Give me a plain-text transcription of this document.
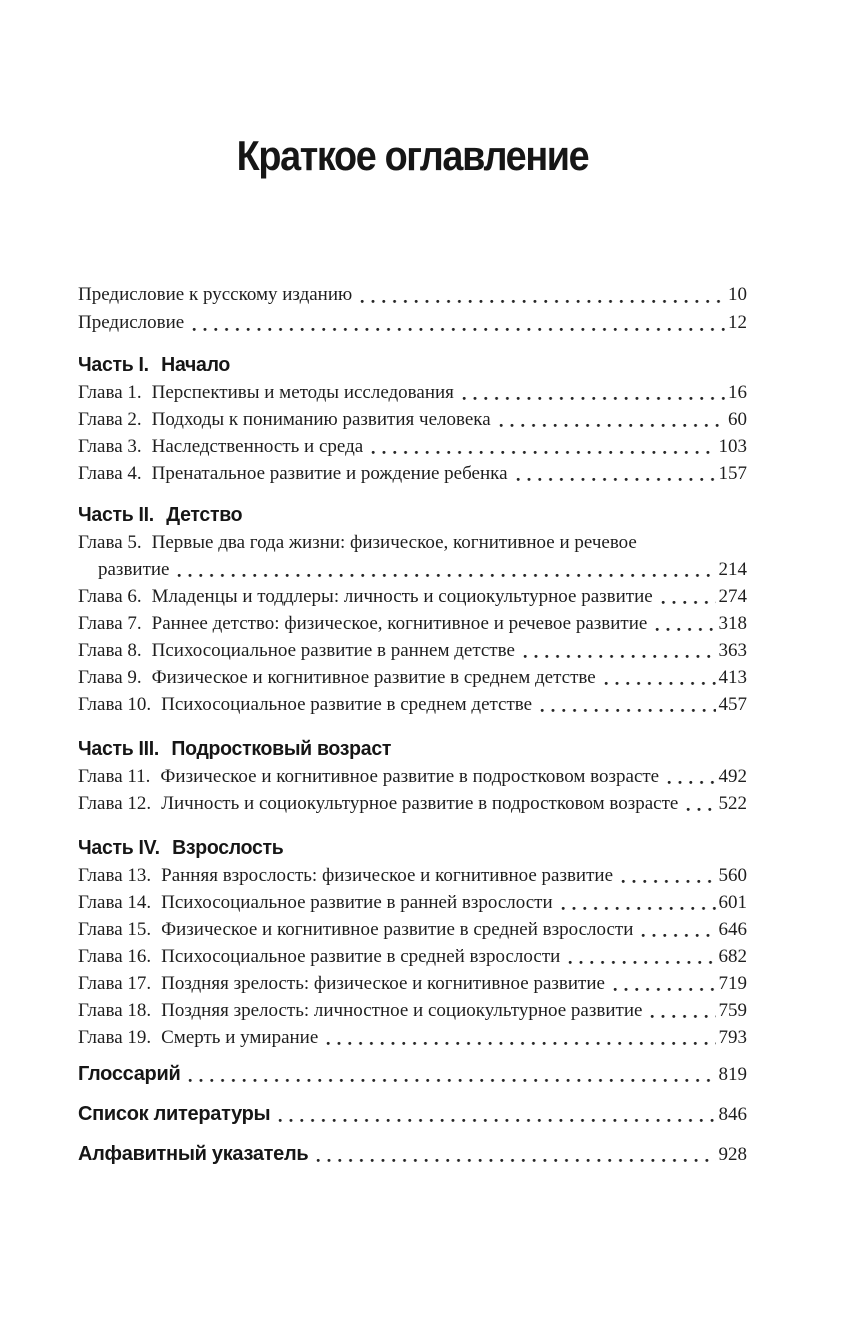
Краткое оглавление
Предисловие к русскому изданию	10
Предисловие	12
Часть I. Начало
Глава 1. Перспективы и методы исследования	16
Глава 2. Подходы к пониманию развития человека	60
Глава 3. Наследственность и среда	103
Глава 4. Пренатальное развитие и рождение ребенка	157
Часть II. Детство
Глава 5. Первые два года жизни: физическое, когнитивное и речевое
развитие	214
Глава 6. Младенцы и тоддлеры: личность и социокультурное развитие	274
Глава 7. Раннее детство: физическое, когнитивное и речевое развитие	318
Глава 8. Психосоциальное развитие в раннем детстве	363
Глава 9. Физическое и когнитивное развитие в среднем детстве	413
Глава 10. Психосоциальное развитие в среднем детстве	457
Часть III. Подростковый возраст
Глава 11. Физическое и когнитивное развитие в подростковом возрасте	492
Глава 12. Личность и социокультурное развитие в подростковом возрасте 522
Часть IV. Взрослость
Глава 13. Ранняя взрослость: физическое и когнитивное развитие	560
Глава 14. Психосоциальное развитие в ранней взрослости	601
Глава 15. Физическое и когнитивное развитие в средней взрослости	646
Глава 16. Психосоциальное развитие в средней взрослости	682
Глава 17. Поздняя зрелость: физическое и когнитивное развитие	719
Глава 18. Поздняя зрелость: личностное и социокультурное развитие	759
Глава 19. Смерть и умирание	793
Глоссарий	819
Список литературы	846
Алфавитный указатель	928
